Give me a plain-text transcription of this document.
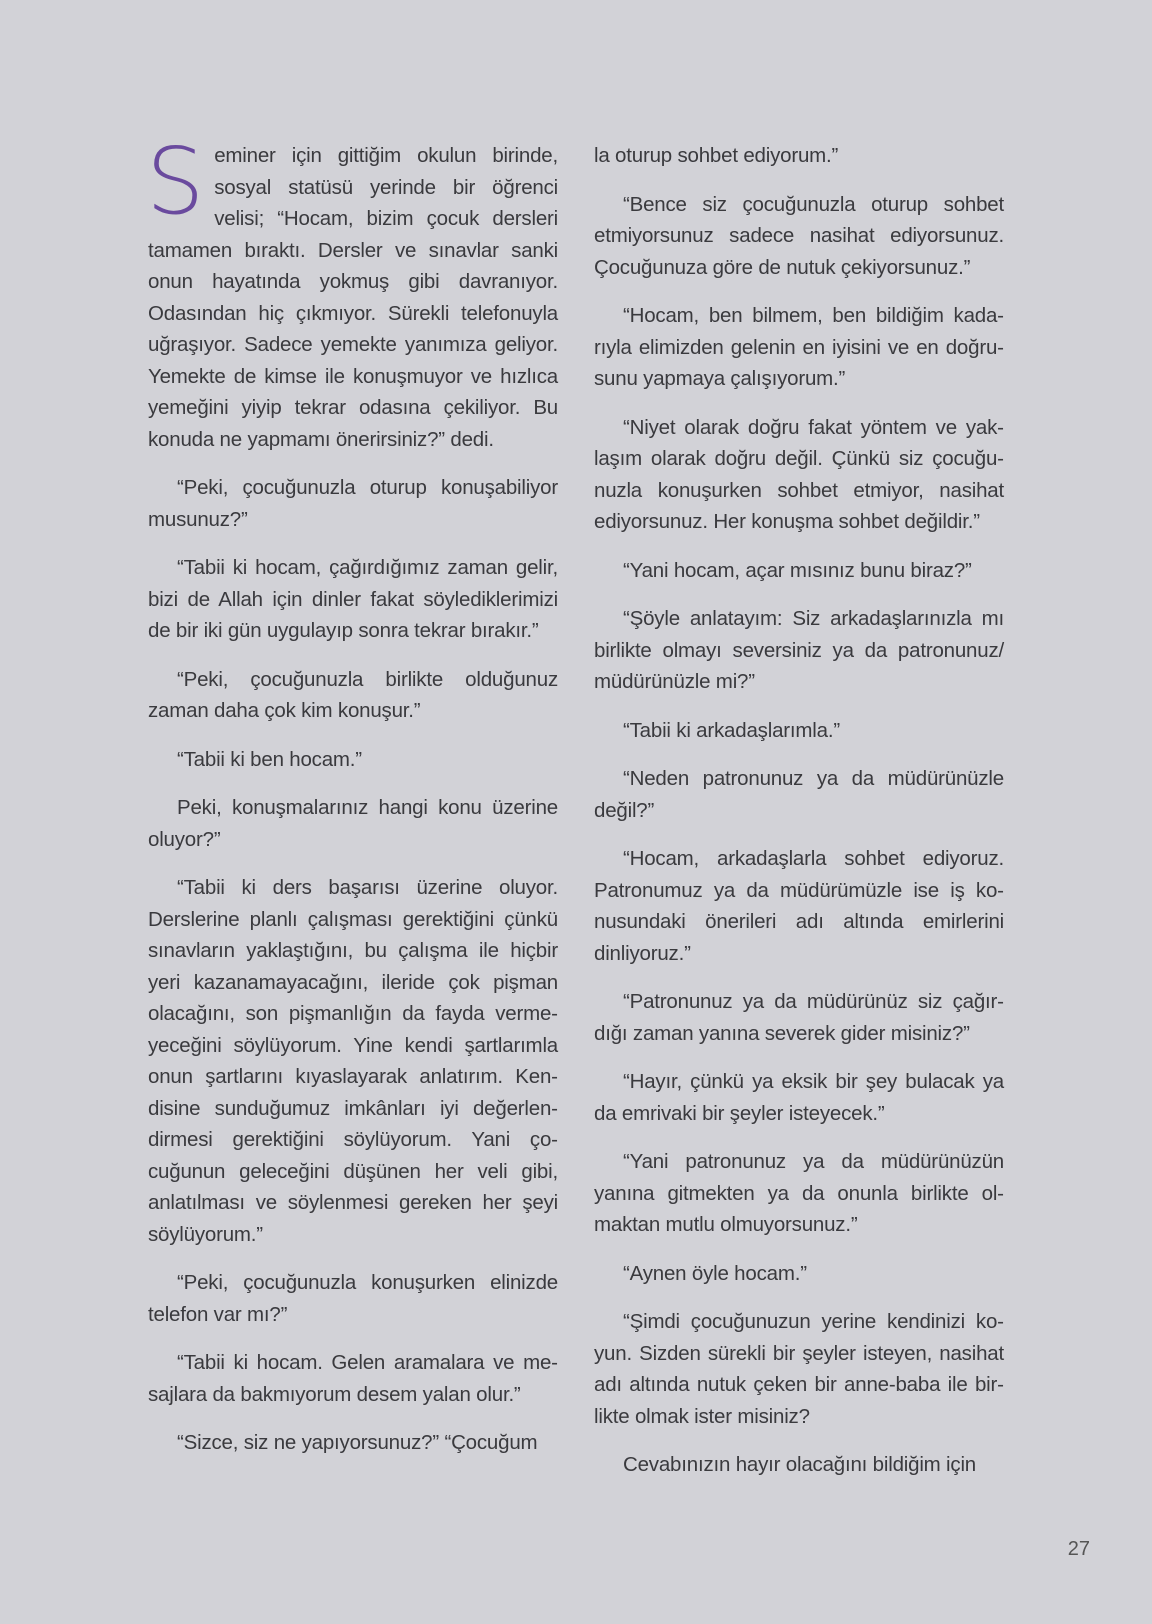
Seminer için gittiğim okulun birinde, sosyal statüsü yerinde bir öğrenci velisi; “Hocam, bizim çocuk dersleri tamamen bıraktı. Dersler ve sınavlar sanki onun hayatında yokmuş gibi davranıyor. Odasından hiç çıkmıyor. Sürekli telefonuyla uğraşıyor. Sadece yemekte yanımıza geliyor. Yemekte de kimse ile konuşmuyor ve hızlıca yemeğini yiyip tekrar odasına çekiliyor. Bu konuda ne yapmamı önerirsiniz?” dedi.

“Peki, çocuğunuzla oturup konuşabiliyor musunuz?”

“Tabii ki hocam, çağırdığımız zaman gelir, bizi de Allah için dinler fakat söylediklerimizi de bir iki gün uygulayıp sonra tekrar bırakır.”

“Peki, çocuğunuzla birlikte olduğunuz zaman daha çok kim konuşur.”

“Tabii ki ben hocam.”

Peki, konuşmalarınız hangi konu üzerine oluyor?”

“Tabii ki ders başarısı üzerine oluyor. Derslerine planlı çalışması gerektiğini çünkü sınavların yaklaştığını, bu çalışma ile hiçbir yeri kazanamayacağını, ileride çok pişman olacağını, son pişmanlığın da fayda vermeyeceğini söylüyorum. Yine kendi şartlarımla onun şartlarını kıyaslayarak anlatırım. Kendisine sunduğumuz imkânları iyi değerlendirmesi gerektiğini söylüyorum. Yani çocuğunun geleceğini düşünen her veli gibi, anlatılması ve söylenmesi gereken her şeyi söylüyorum.”

“Peki, çocuğunuzla konuşurken elinizde telefon var mı?”

“Tabii ki hocam. Gelen aramalara ve mesajlara da bakmıyorum desem yalan olur.”

“Sizce, siz ne yapıyorsunuz?” “Çocuğum

la oturup sohbet ediyorum.”

“Bence siz çocuğunuzla oturup sohbet etmiyorsunuz sadece nasihat ediyorsunuz. Çocuğunuza göre de nutuk çekiyorsunuz.”

“Hocam, ben bilmem, ben bildiğim kadarıyla elimizden gelenin en iyisini ve en doğrusunu yapmaya çalışıyorum.”

“Niyet olarak doğru fakat yöntem ve yaklaşım olarak doğru değil. Çünkü siz çocuğunuzla konuşurken sohbet etmiyor, nasihat ediyorsunuz. Her konuşma sohbet değildir.”

“Yani hocam, açar mısınız bunu biraz?”

“Şöyle anlatayım: Siz arkadaşlarınızla mı birlikte olmayı seversiniz ya da patronunuz/ müdürünüzle mi?”

“Tabii ki arkadaşlarımla.”

“Neden patronunuz ya da müdürünüzle değil?”

“Hocam, arkadaşlarla sohbet ediyoruz. Patronumuz ya da müdürümüzle ise iş konusundaki önerileri adı altında emirlerini dinliyoruz.”

“Patronunuz ya da müdürünüz siz çağırdığı zaman yanına severek gider misiniz?”

“Hayır, çünkü ya eksik bir şey bulacak ya da emrivaki bir şeyler isteyecek.”

“Yani patronunuz ya da müdürünüzün yanına gitmekten ya da onunla birlikte olmaktan mutlu olmuyorsunuz.”

“Aynen öyle hocam.”

“Şimdi çocuğunuzun yerine kendinizi koyun. Sizden sürekli bir şeyler isteyen, nasihat adı altında nutuk çeken bir anne-baba ile birlikte olmak ister misiniz?

Cevabınızın hayır olacağını bildiğim için

27
